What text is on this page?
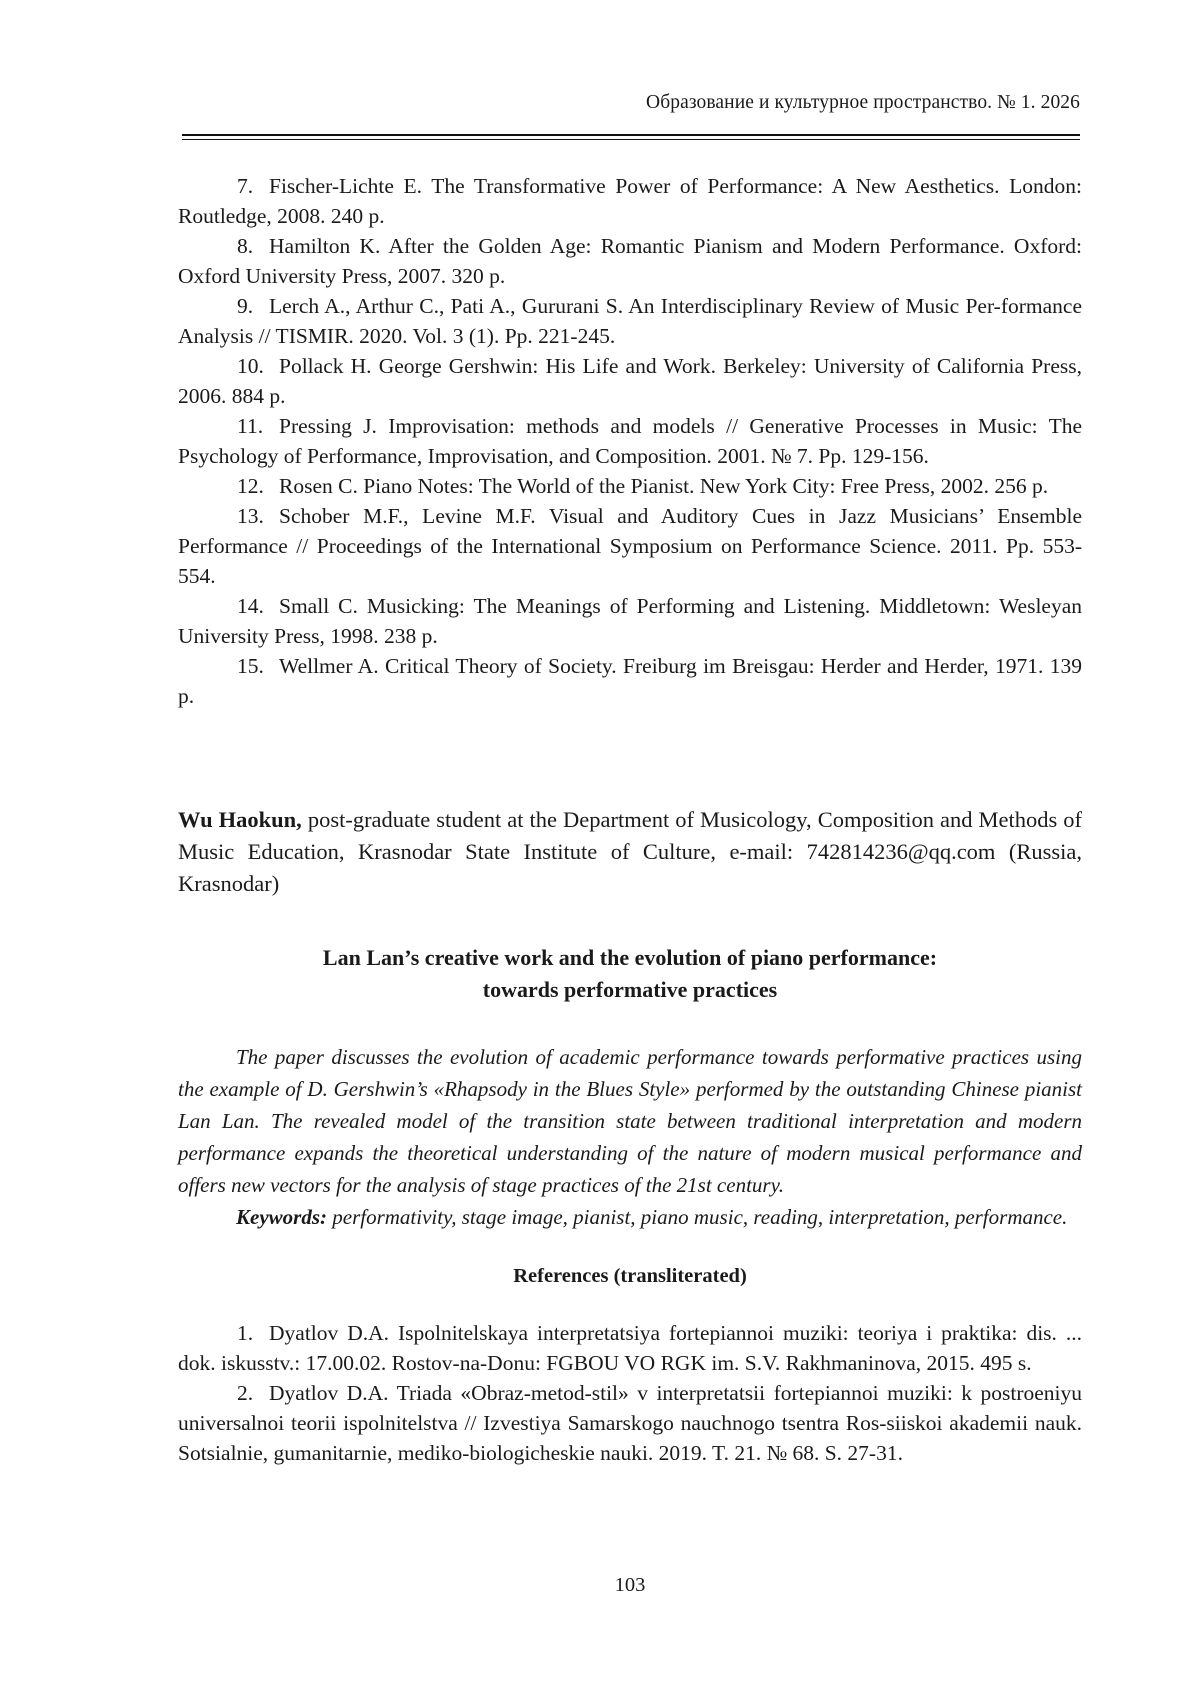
Образование и культурное пространство. № 1. 2026

7. Fischer-Lichte E. The Transformative Power of Performance: A New Aesthetics. London: Routledge, 2008. 240 p.

8. Hamilton K. After the Golden Age: Romantic Pianism and Modern Performance. Oxford: Oxford University Press, 2007. 320 p.

9. Lerch A., Arthur C., Pati A., Gururani S. An Interdisciplinary Review of Music Per-formance Analysis // TISMIR. 2020. Vol. 3 (1). Pp. 221-245.

10. Pollack H. George Gershwin: His Life and Work. Berkeley: University of California Press, 2006. 884 p.

11. Pressing J. Improvisation: methods and models // Generative Processes in Music: The Psychology of Performance, Improvisation, and Composition. 2001. № 7. Pp. 129-156.

12. Rosen C. Piano Notes: The World of the Pianist. New York City: Free Press, 2002. 256 p.

13. Schober M.F., Levine M.F. Visual and Auditory Cues in Jazz Musicians’ Ensemble Performance // Proceedings of the International Symposium on Performance Science. 2011. Pp. 553-554.

14. Small C. Musicking: The Meanings of Performing and Listening. Middletown: Wesleyan University Press, 1998. 238 p.

15. Wellmer A. Critical Theory of Society. Freiburg im Breisgau: Herder and Herder, 1971. 139 p.

Wu Haokun, post-graduate student at the Department of Musicology, Composition and Methods of Music Education, Krasnodar State Institute of Culture, e-mail: 742814236@qq.com (Russia, Krasnodar)
Lan Lan’s creative work and the evolution of piano performance:
towards performative practices

The paper discusses the evolution of academic performance towards performative practices using the example of D. Gershwin’s «Rhapsody in the Blues Style» performed by the outstanding Chinese pianist Lan Lan. The revealed model of the transition state between traditional interpretation and modern performance expands the theoretical understanding of the nature of modern musical performance and offers new vectors for the analysis of stage practices of the 21st century.

Keywords: performativity, stage image, pianist, piano music, reading, interpretation, performance.

References (transliterated)

1. Dyatlov D.A. Ispolnitelskaya interpretatsiya fortepiannoi muziki: teoriya i praktika: dis. ... dok. iskusstv.: 17.00.02. Rostov-na-Donu: FGBOU VO RGK im. S.V. Rakhmaninova, 2015. 495 s.

2. Dyatlov D.A. Triada «Obraz-metod-stil» v interpretatsii fortepiannoi muziki: k postroeniyu universalnoi teorii ispolnitelstva // Izvestiya Samarskogo nauchnogo tsentra Ros-siiskoi akademii nauk. Sotsialnie, gumanitarnie, mediko-biologicheskie nauki. 2019. T. 21. № 68. S. 27-31.

103
